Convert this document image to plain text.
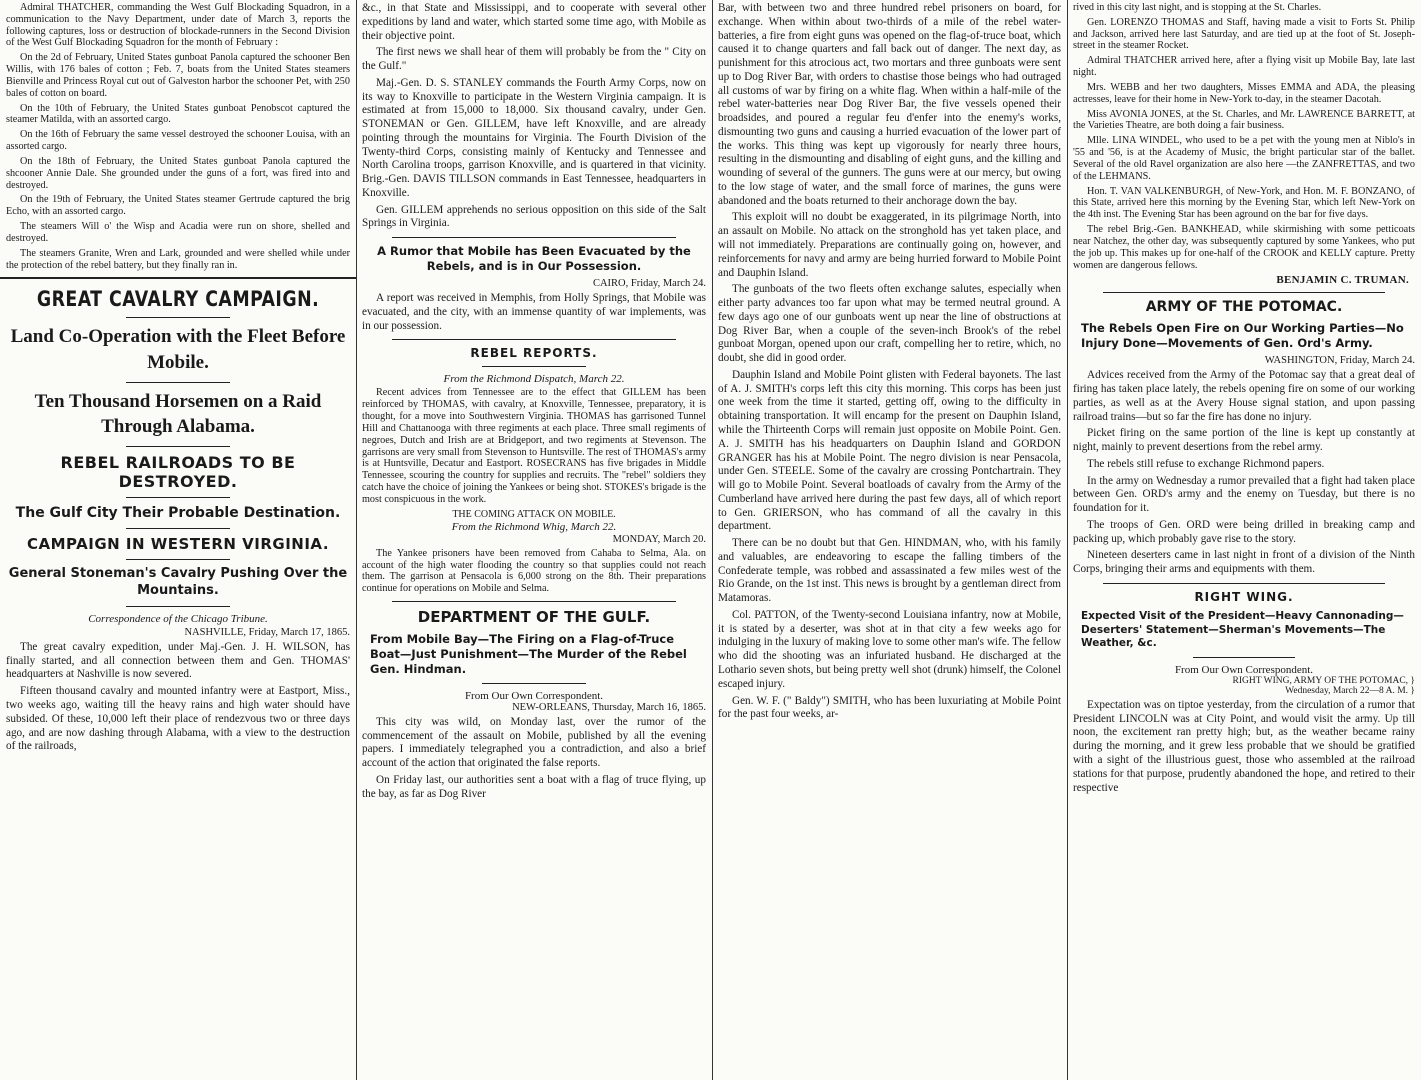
Admiral THATCHER, commanding the West Gulf Blockading Squadron, in a communication to the Navy Department, under date of March 3, reports the following captures, loss or destruction of blockade-runners in the Second Division of the West Gulf Blockading Squadron for the month of February :

On the 2d of February, United States gunboat Panola captured the schooner Ben Willis, with 176 bales of cotton ; Feb. 7, boats from the United States steamers Bienville and Princess Royal cut out of Galveston harbor the schooner Pet, with 250 bales of cotton on board.

On the 10th of February, the United States gunboat Penobscot captured the steamer Matilda, with an assorted cargo.

On the 16th of February the same vessel destroyed the schooner Louisa, with an assorted cargo.

On the 18th of February, the United States gunboat Panola captured the shcooner Annie Dale. She grounded under the guns of a fort, was fired into and destroyed.

On the 19th of February, the United States steamer Gertrude captured the brig Echo, with an assorted cargo.

The steamers Will o' the Wisp and Acadia were run on shore, shelled and destroyed.

The steamers Granite, Wren and Lark, grounded and were shelled while under the protection of the rebel battery, but they finally ran in.

GREAT CAVALRY CAMPAIGN.
Land Co-Operation with the Fleet Before Mobile.
Ten Thousand Horsemen on a Raid Through Alabama.
REBEL RAILROADS TO BE DESTROYED.
The Gulf City Their Probable Destination.
CAMPAIGN IN WESTERN VIRGINIA.
General Stoneman's Cavalry Pushing Over the Mountains.
Correspondence of the Chicago Tribune.
NASHVILLE, Friday, March 17, 1865.

The great cavalry expedition, under Maj.-Gen. J. H. WILSON, has finally started, and all connection between them and Gen. THOMAS' headquarters at Nashville is now severed.

Fifteen thousand cavalry and mounted infantry were at Eastport, Miss., two weeks ago, waiting till the heavy rains and high water should have subsided. Of these, 10,000 left their place of rendezvous two or three days ago, and are now dashing through Alabama, with a view to the destruction of the railroads,

&c., in that State and Mississippi, and to cooperate with several other expeditions by land and water, which started some time ago, with Mobile as their objective point.

The first news we shall hear of them will probably be from the " City on the Gulf."

Maj.-Gen. D. S. STANLEY commands the Fourth Army Corps, now on its way to Knoxville to participate in the Western Virginia campaign. It is estimated at from 15,000 to 18,000. Six thousand cavalry, under Gen. STONEMAN or Gen. GILLEM, have left Knoxville, and are already pointing through the mountains for Virginia. The Fourth Division of the Twenty-third Corps, consisting mainly of Kentucky and Tennessee and North Carolina troops, garrison Knoxville, and is quartered in that vicinity. Brig.-Gen. DAVIS TILLSON commands in East Tennessee, headquarters in Knoxville.

Gen. GILLEM apprehends no serious opposition on this side of the Salt Springs in Virginia.

A Rumor that Mobile has Been Evacuated by the Rebels, and is in Our Possession.
CAIRO, Friday, March 24.

A report was received in Memphis, from Holly Springs, that Mobile was evacuated, and the city, with an immense quantity of war implements, was in our possession.

REBEL REPORTS.
From the Richmond Dispatch, March 22.

Recent advices from Tennessee are to the effect that GILLEM has been reinforced by THOMAS, with cavalry, at Knoxville, Tennessee, preparatory, it is thought, for a move into Southwestern Virginia. THOMAS has garrisoned Tunnel Hill and Chattanooga with three regiments at each place. Three small regiments of negroes, Dutch and Irish are at Bridgeport, and two regiments at Stevenson. The garrisons are very small from Stevenson to Huntsville. The rest of THOMAS's army is at Huntsville, Decatur and Eastport. ROSECRANS has five brigades in Middle Tennessee, scouring the country for supplies and recruits. The "rebel" soldiers they catch have the choice of joining the Yankees or being shot. STOKES's brigade is the most conspicuous in the work.

THE COMING ATTACK ON MOBILE.
From the Richmond Whig, March 22.
MONDAY, March 20.

The Yankee prisoners have been removed from Cahaba to Selma, Ala. on account of the high water flooding the country so that supplies could not reach them. The garrison at Pensacola is 6,000 strong on the 8th. Their preparations continue for operations on Mobile and Selma.

DEPARTMENT OF THE GULF.
From Mobile Bay—The Firing on a Flag-of-Truce Boat—Just Punishment—The Murder of the Rebel Gen. Hindman.
From Our Own Correspondent.
NEW-ORLEANS, Thursday, March 16, 1865.

This city was wild, on Monday last, over the rumor of the commencement of the assault on Mobile, published by all the evening papers. I immediately telegraphed you a contradiction, and also a brief account of the action that originated the false reports.

On Friday last, our authorities sent a boat with a flag of truce flying, up the bay, as far as Dog River

Bar, with between two and three hundred rebel prisoners on board, for exchange. When within about two-thirds of a mile of the rebel water-batteries, a fire from eight guns was opened on the flag-of-truce boat, which caused it to change quarters and fall back out of danger. The next day, as punishment for this atrocious act, two mortars and three gunboats were sent up to Dog River Bar, with orders to chastise those beings who had outraged all customs of war by firing on a white flag. When within a half-mile of the rebel water-batteries near Dog River Bar, the five vessels opened their broadsides, and poured a regular feu d'enfer into the enemy's works, dismounting two guns and causing a hurried evacuation of the lower part of the works. This thing was kept up vigorously for nearly three hours, resulting in the dismounting and disabling of eight guns, and the killing and wounding of several of the gunners. The guns were at our mercy, but owing to the low stage of water, and the small force of marines, the guns were abandoned and the boats returned to their anchorage down the bay.

This exploit will no doubt be exaggerated, in its pilgrimage North, into an assault on Mobile. No attack on the stronghold has yet taken place, and will not immediately. Preparations are continually going on, however, and reinforcements for navy and army are being hurried forward to Mobile Point and Dauphin Island.

The gunboats of the two fleets often exchange salutes, especially when either party advances too far upon what may be termed neutral ground. A few days ago one of our gunboats went up near the line of obstructions at Dog River Bar, when a couple of the seven-inch Brook's of the rebel gunboat Morgan, opened upon our craft, compelling her to retire, which, no doubt, she did in good order.

Dauphin Island and Mobile Point glisten with Federal bayonets. The last of A. J. SMITH's corps left this city this morning. This corps has been just one week from the time it started, getting off, owing to the difficulty in obtaining transportation. It will encamp for the present on Dauphin Island, while the Thirteenth Corps will remain just opposite on Mobile Point. Gen. A. J. SMITH has his headquarters on Dauphin Island and GORDON GRANGER has his at Mobile Point. The negro division is near Pensacola, under Gen. STEELE. Some of the cavalry are crossing Pontchartrain. They will go to Mobile Point. Several boatloads of cavalry from the Army of the Cumberland have arrived here during the past few days, all of which report to Gen. GRIERSON, who has command of all the cavalry in this department.

There can be no doubt but that Gen. HINDMAN, who, with his family and valuables, are endeavoring to escape the falling timbers of the Confederate temple, was robbed and assassinated a few miles west of the Rio Grande, on the 1st inst. This news is brought by a gentleman direct from Matamoras.

Col. PATTON, of the Twenty-second Louisiana infantry, now at Mobile, it is stated by a deserter, was shot at in that city a few weeks ago for indulging in the luxury of making love to some other man's wife. The fellow who did the shooting was an infuriated husband. He discharged at the Lothario seven shots, but being pretty well shot (drunk) himself, the Colonel escaped injury.

Gen. W. F. (" Baldy") SMITH, who has been luxuriating at Mobile Point for the past four weeks, ar-

rived in this city last night, and is stopping at the St. Charles.

Gen. LORENZO THOMAS and Staff, having made a visit to Forts St. Philip and Jackson, arrived here last Saturday, and are tied up at the foot of St. Joseph-street in the steamer Rocket.

Admiral THATCHER arrived here, after a flying visit up Mobile Bay, late last night.

Mrs. WEBB and her two daughters, Misses EMMA and ADA, the pleasing actresses, leave for their home in New-York to-day, in the steamer Dacotah.

Miss AVONIA JONES, at the St. Charles, and Mr. LAWRENCE BARRETT, at the Varieties Theatre, are both doing a fair business.

Mlle. LINA WINDEL, who used to be a pet with the young men at Niblo's in '55 and '56, is at the Academy of Music, the bright particular star of the ballet. Several of the old Ravel organization are also here —the ZANFRETTAS, and two of the LEHMANS.

Hon. T. VAN VALKENBURGH, of New-York, and Hon. M. F. BONZANO, of this State, arrived here this morning by the Evening Star, which left New-York on the 4th inst. The Evening Star has been aground on the bar for five days.

The rebel Brig.-Gen. BANKHEAD, while skirmishing with some petticoats near Natchez, the other day, was subsequently captured by some Yankees, who put the job up. This makes up for one-half of the CROOK and KELLY capture. Pretty women are dangerous fellows.

BENJAMIN C. TRUMAN.
ARMY OF THE POTOMAC.
The Rebels Open Fire on Our Working Parties—No Injury Done—Movements of Gen. Ord's Army.
WASHINGTON, Friday, March 24.

Advices received from the Army of the Potomac say that a great deal of firing has taken place lately, the rebels opening fire on some of our working parties, as well as at the Avery House signal station, and upon passing railroad trains—but so far the fire has done no injury.

Picket firing on the same portion of the line is kept up constantly at night, mainly to prevent desertions from the rebel army.

The rebels still refuse to exchange Richmond papers.

In the army on Wednesday a rumor prevailed that a fight had taken place between Gen. ORD's army and the enemy on Tuesday, but there is no foundation for it.

The troops of Gen. ORD were being drilled in breaking camp and packing up, which probably gave rise to the story.

Nineteen deserters came in last night in front of a division of the Ninth Corps, bringing their arms and equipments with them.

RIGHT WING.
Expected Visit of the President—Heavy Cannonading—Deserters' Statement—Sherman's Movements—The Weather, &c.
From Our Own Correspondent.
RIGHT WING, ARMY OF THE POTOMAC, }
Wednesday, March 22—8 A. M. }

Expectation was on tiptoe yesterday, from the circulation of a rumor that President LINCOLN was at City Point, and would visit the army. Up till noon, the excitement ran pretty high; but, as the weather became rainy during the morning, and it grew less probable that we should be gratified with a sight of the illustrious guest, those who assembled at the railroad stations for that purpose, prudently abandoned the hope, and retired to their respective
